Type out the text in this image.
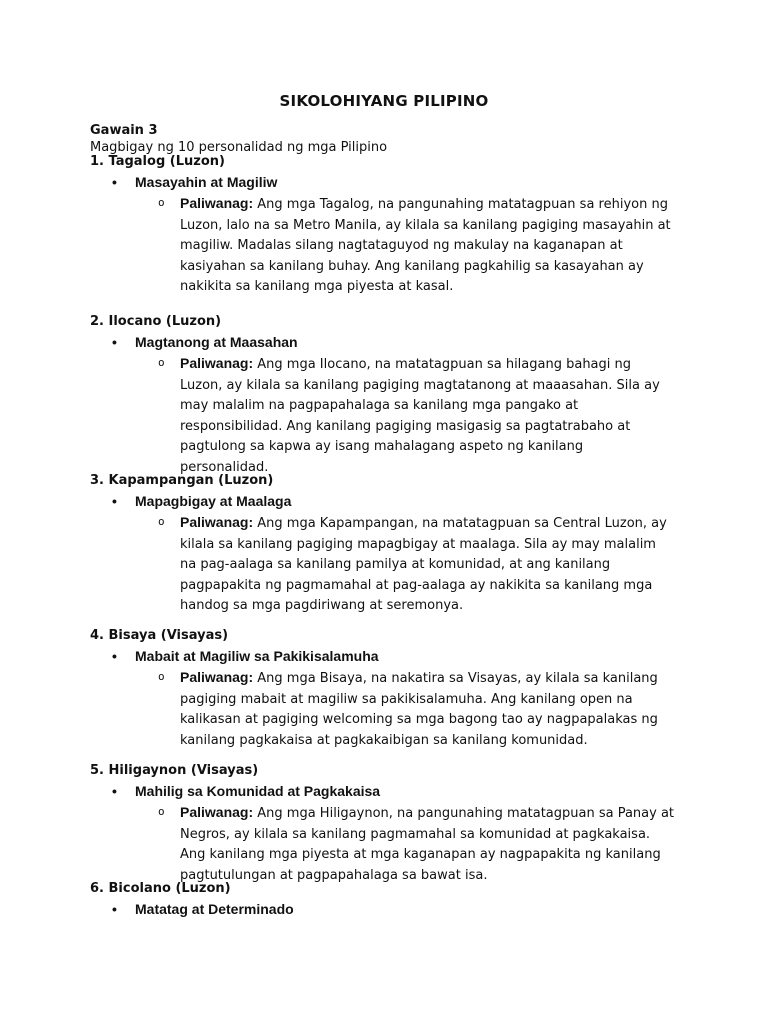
SIKOLOHIYANG PILIPINO
Gawain 3
Magbigay ng 10 personalidad ng mga Pilipino
1. Tagalog (Luzon)
• Masayahin at Magiliw
o Paliwanag: Ang mga Tagalog, na pangunahing matatagpuan sa rehiyon ng Luzon, lalo na sa Metro Manila, ay kilala sa kanilang pagiging masayahin at magiliw. Madalas silang nagtataguyod ng makulay na kaganapan at kasiyahan sa kanilang buhay. Ang kanilang pagkahilig sa kasayahan ay nakikita sa kanilang mga piyesta at kasal.
2. Ilocano (Luzon)
• Magtanong at Maasahan
o Paliwanag: Ang mga Ilocano, na matatagpuan sa hilagang bahagi ng Luzon, ay kilala sa kanilang pagiging magtatanong at maaasahan. Sila ay may malalim na pagpapahalaga sa kanilang mga pangako at responsibilidad. Ang kanilang pagiging masigasig sa pagtatrabaho at pagtulong sa kapwa ay isang mahalagang aspeto ng kanilang personalidad.
3. Kapampangan (Luzon)
• Mapagbigay at Maalaga
o Paliwanag: Ang mga Kapampangan, na matatagpuan sa Central Luzon, ay kilala sa kanilang pagiging mapagbigay at maalaga. Sila ay may malalim na pag-aalaga sa kanilang pamilya at komunidad, at ang kanilang pagpapakita ng pagmamahal at pag-aalaga ay nakikita sa kanilang mga handog sa mga pagdiriwang at seremonya.
4. Bisaya (Visayas)
• Mabait at Magiliw sa Pakikisalamuha
o Paliwanag: Ang mga Bisaya, na nakatira sa Visayas, ay kilala sa kanilang pagiging mabait at magiliw sa pakikisalamuha. Ang kanilang open na kalikasan at pagiging welcoming sa mga bagong tao ay nagpapalakas ng kanilang pagkakaisa at pagkakaibigan sa kanilang komunidad.
5. Hiligaynon (Visayas)
• Mahilig sa Komunidad at Pagkakaisa
o Paliwanag: Ang mga Hiligaynon, na pangunahing matatagpuan sa Panay at Negros, ay kilala sa kanilang pagmamahal sa komunidad at pagkakaisa. Ang kanilang mga piyesta at mga kaganapan ay nagpapakita ng kanilang pagtutulungan at pagpapahalaga sa bawat isa.
6. Bicolano (Luzon)
• Matatag at Determinado
